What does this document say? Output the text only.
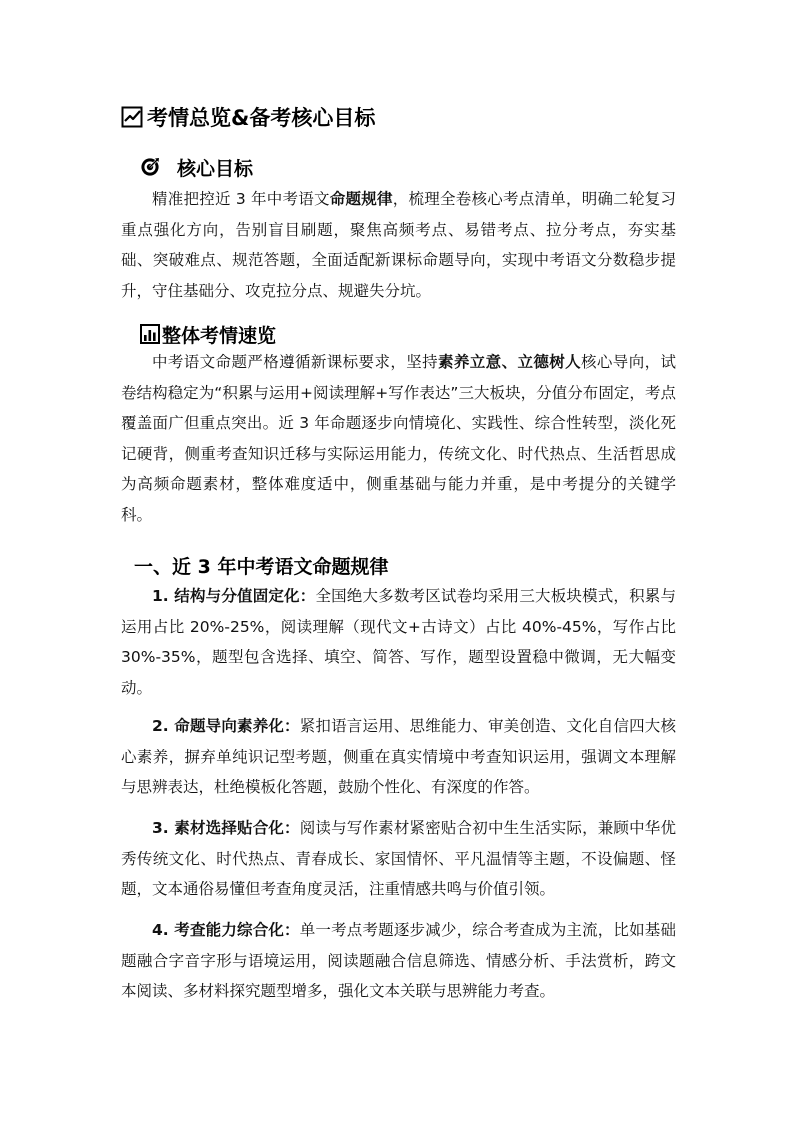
考情总览&备考核心目标
核心目标

精准把控近 3 年中考语文命题规律，梳理全卷核心考点清单，明确二轮复习重点强化方向，告别盲目刷题，聚焦高频考点、易错考点、拉分考点，夯实基础、突破难点、规范答题，全面适配新课标命题导向，实现中考语文分数稳步提升，守住基础分、攻克拉分点、规避失分坑。

整体考情速览

中考语文命题严格遵循新课标要求，坚持素养立意、立德树人核心导向，试卷结构稳定为“积累与运用+阅读理解+写作表达”三大板块，分值分布固定，考点覆盖面广但重点突出。近 3 年命题逐步向情境化、实践性、综合性转型，淡化死记硬背，侧重考查知识迁移与实际运用能力，传统文化、时代热点、生活哲思成为高频命题素材，整体难度适中，侧重基础与能力并重，是中考提分的关键学科。

一、近 3 年中考语文命题规律

1. 结构与分值固定化：全国绝大多数考区试卷均采用三大板块模式，积累与运用占比 20%-25%，阅读理解（现代文+古诗文）占比 40%-45%，写作占比 30%-35%，题型包含选择、填空、简答、写作，题型设置稳中微调，无大幅变动。

2. 命题导向素养化：紧扣语言运用、思维能力、审美创造、文化自信四大核心素养，摒弃单纯识记型考题，侧重在真实情境中考查知识运用，强调文本理解与思辨表达，杜绝模板化答题，鼓励个性化、有深度的作答。

3. 素材选择贴合化：阅读与写作素材紧密贴合初中生生活实际，兼顾中华优秀传统文化、时代热点、青春成长、家国情怀、平凡温情等主题，不设偏题、怪题，文本通俗易懂但考查角度灵活，注重情感共鸣与价值引领。

4. 考查能力综合化：单一考点考题逐步减少，综合考查成为主流，比如基础题融合字音字形与语境运用，阅读题融合信息筛选、情感分析、手法赏析，跨文本阅读、多材料探究题型增多，强化文本关联与思辨能力考查。
